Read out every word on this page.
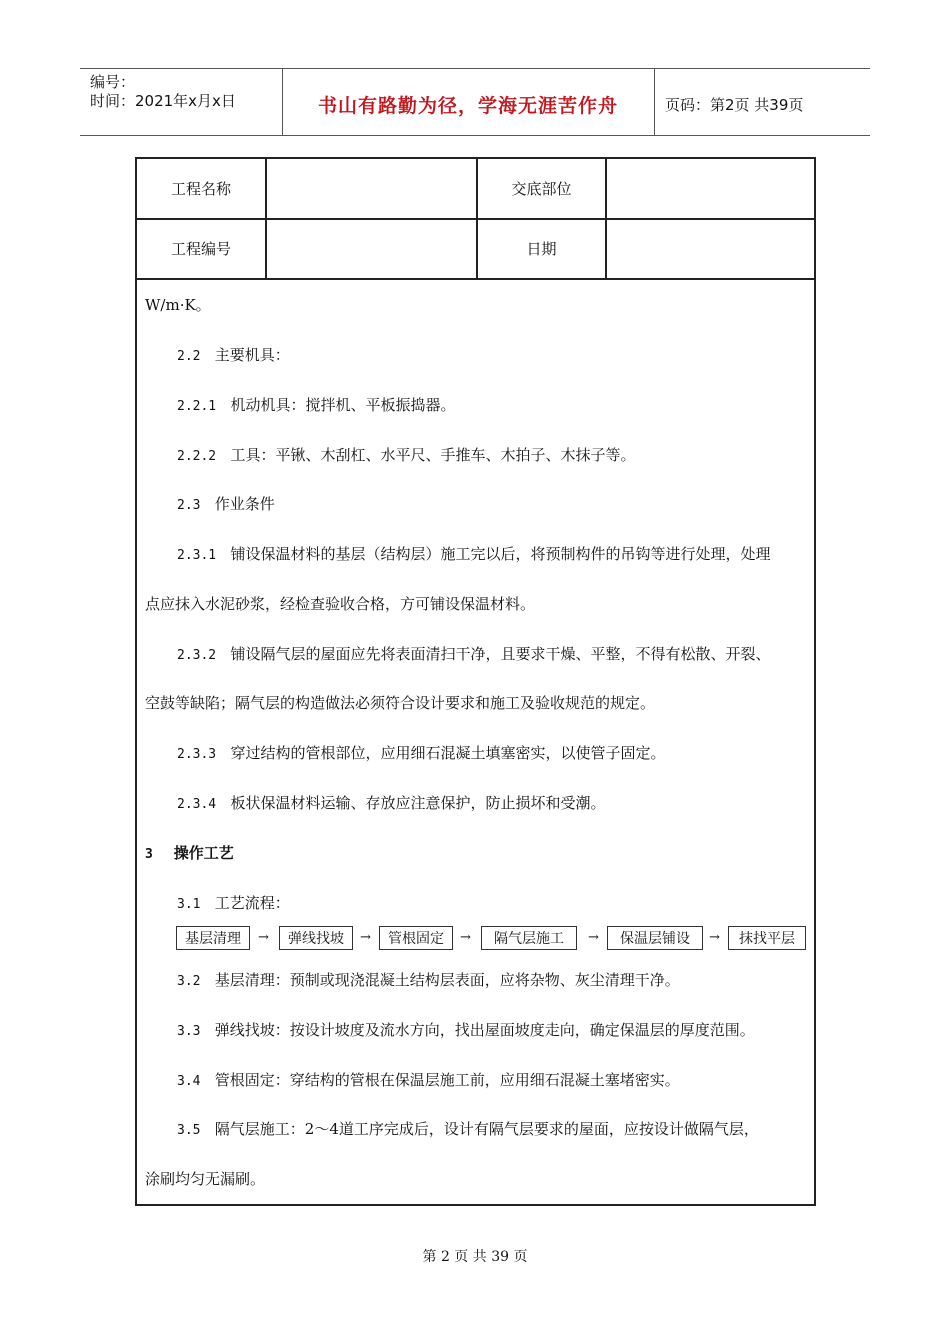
编号：
时间：2021年x月x日	书山有路勤为径，学海无涯苦作舟	页码：第2页 共39页
工程名称	交底部位
工程编号	日期
W/m·K。
2.2 主要机具：
2.2.1 机动机具：搅拌机、平板振捣器。
2.2.2 工具：平锹、木刮杠、水平尺、手推车、木拍子、木抹子等。
2.3 作业条件
2.3.1 铺设保温材料的基层（结构层）施工完以后，将预制构件的吊钩等进行处理，处理
点应抹入水泥砂浆，经检查验收合格，方可铺设保温材料。
2.3.2 铺设隔气层的屋面应先将表面清扫干净，且要求干燥、平整，不得有松散、开裂、
空鼓等缺陷；隔气层的构造做法必须符合设计要求和施工及验收规范的规定。
2.3.3 穿过结构的管根部位，应用细石混凝土填塞密实，以使管子固定。
2.3.4 板状保温材料运输、存放应注意保护，防止损坏和受潮。
3 操作工艺
3.1 工艺流程：
3.2 基层清理：预制或现浇混凝土结构层表面，应将杂物、灰尘清理干净。
3.3 弹线找坡：按设计坡度及流水方向，找出屋面坡度走向，确定保温层的厚度范围。
3.4 管根固定：穿结构的管根在保温层施工前，应用细石混凝土塞堵密实。
3.5 隔气层施工：2～4道工序完成后，设计有隔气层要求的屋面，应按设计做隔气层，
涂刷均匀无漏刷。
基层清理	→	弹线找坡	→	管根固定	→	隔气层施工	→	保温层铺设	→	抹找平层
第 2 页 共 39 页
